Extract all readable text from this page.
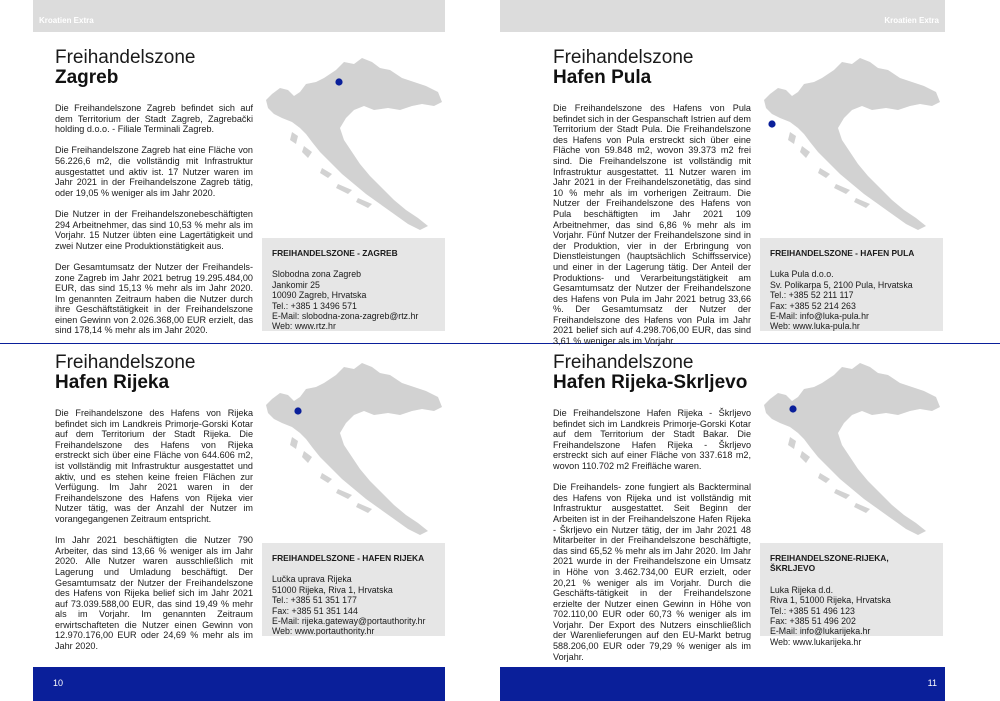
Kroatien Extra	Kroatien Extra
Freihandelszone
Zagreb

Die Freihandelszone Zagreb befindet sich auf dem Territorium der Stadt Zagreb, Zagrebački holding d.o.o. - Filiale Terminali Zagreb.

Die Freihandelszone Zagreb hat eine Fläche von 56.226,6 m2, die vollständig mit Infrastruktur ausgestattet und aktiv ist. 17 Nutzer waren im Jahr 2021 in der Freihandelszone Zagreb tätig, oder 19,05 % weniger als im Jahr 2020.

Die Nutzer in der Freihandelszonebeschäftigten 294 Arbeitnehmer, das sind 10,53 % mehr als im Vorjahr. 15 Nutzer übten eine Lagertätigkeit und zwei Nutzer eine Produktionstätigkeit aus.

Der Gesamtumsatz der Nutzer der Freihandels-zone Zagreb im Jahr 2021 betrug 19.295.484,00 EUR, das sind 15,13 % mehr als im Jahr 2020. Im genannten Zeitraum haben die Nutzer durch ihre Geschäftstätigkeit in der Freihandelszone einen Gewinn von 2.026.368,00 EUR erzielt, das sind 178,14 % mehr als im Jahr 2020.

FREIHANDELSZONE - ZAGREB
Slobodna zona Zagreb
Jankomir 25
10090 Zagreb, Hrvatska
Tel.: +385 1 3496 571
E-Mail: slobodna-zona-zagreb@rtz.hr
Web: www.rtz.hr
Freihandelszone
Hafen Pula

Die Freihandelszone des Hafens von Pula befindet sich in der Gespanschaft Istrien auf dem Territorium der Stadt Pula. Die Freihandelszone des Hafens von Pula erstreckt sich über eine Fläche von 59.848 m2, wovon 39.373 m2 frei sind. Die Freihandelszone ist vollständig mit Infrastruktur ausgestattet. 11 Nutzer waren im Jahr 2021 in der Freihandelszonetätig, das sind 10 % mehr als im vorherigen Zeitraum. Die Nutzer der Freihandelszone des Hafens von Pula beschäftigten im Jahr 2021 109 Arbeitnehmer, das sind 6,86 % mehr als im Vorjahr. Fünf Nutzer der Freihandelszone sind in der Produktion, vier in der Erbringung von Dienstleistungen (hauptsächlich Schiffsservice) und einer in der Lagerung tätig. Der Anteil der Produktions- und Verarbeitungstätigkeit am Gesamtumsatz der Nutzer der Freihandelszone des Hafens von Pula im Jahr 2021 betrug 33,66 %. Der Gesamtumsatz der Nutzer der Freihandelszone des Hafens von Pula im Jahr 2021 belief sich auf 4.298.706,00 EUR, das sind 3,61 % weniger als im Vorjahr.

FREIHANDELSZONE - HAFEN PULA
Luka Pula d.o.o.
Sv. Polikarpa 5, 2100 Pula, Hrvatska
Tel.: +385 52 211 117
Fax: +385 52 214 263
E-Mail: info@luka-pula.hr
Web: www.luka-pula.hr
Freihandelszone
Hafen Rijeka

Die Freihandelszone des Hafens von Rijeka befindet sich im Landkreis Primorje-Gorski Kotar auf dem Territorium der Stadt Rijeka. Die Freihandelszone des Hafens von Rijeka erstreckt sich über eine Fläche von 644.606 m2, ist vollständig mit Infrastruktur ausgestattet und aktiv, und es stehen keine freien Flächen zur Verfügung. Im Jahr 2021 waren in der Freihandelszone des Hafens von Rijeka vier Nutzer tätig, was der Anzahl der Nutzer im vorangegangenen Zeitraum entspricht.

Im Jahr 2021 beschäftigten die Nutzer 790 Arbeiter, das sind 13,66 % weniger als im Jahr 2020. Alle Nutzer waren ausschließlich mit Lagerung und Umladung beschäftigt. Der Gesamtumsatz der Nutzer der Freihandelszone des Hafens von Rijeka belief sich im Jahr 2021 auf 73.039.588,00 EUR, das sind 19,49 % mehr als im Vorjahr. Im genannten Zeitraum erwirtschafteten die Nutzer einen Gewinn von 12.970.176,00 EUR oder 24,69 % mehr als im Jahr 2020.

FREIHANDELSZONE - HAFEN RIJEKA
Lučka uprava Rijeka
51000 Rijeka, Riva 1, Hrvatska
Tel.: +385 51 351 177
Fax: +385 51 351 144
E-Mail: rijeka.gateway@portauthority.hr
Web: www.portauthority.hr
Freihandelszone
Hafen Rijeka-Skrljevo

Die Freihandelszone Hafen Rijeka - Škrljevo befindet sich im Landkreis Primorje-Gorski Kotar auf dem Territorium der Stadt Bakar. Die Freihandelszone Hafen Rijeka - Škrljevo erstreckt sich auf einer Fläche von 337.618 m2, wovon 110.702 m2 Freifläche waren.

Die Freihandels- zone fungiert als Backterminal des Hafens von Rijeka und ist vollständig mit Infrastruktur ausgestattet. Seit Beginn der Arbeiten ist in der Freihandelszone Hafen Rijeka - Škrljevo ein Nutzer tätig, der im Jahr 2021 48 Mitarbeiter in der Freihandelszone beschäftigte, das sind 65,52 % mehr als im Jahr 2020. Im Jahr 2021 wurde in der Freihandelszone ein Umsatz in Höhe von 3.462.734,00 EUR erzielt, oder 20,21 % weniger als im Vorjahr. Durch die Geschäfts-tätigkeit in der Freihandelszone erzielte der Nutzer einen Gewinn in Höhe von 702.110,00 EUR oder 60,73 % weniger als im Vorjahr. Der Export des Nutzers einschließlich der Warenlieferungen auf den EU-Markt betrug 588.206,00 EUR oder 79,29 % weniger als im Vorjahr.

FREIHANDELSZONE-RIJEKA, ŠKRLJEVO
Luka Rijeka d.d.
Riva 1, 51000 Rijeka, Hrvatska
Tel.: +385 51 496 123
Fax: +385 51 496 202
E-Mail: info@lukarijeka.hr
Web: www.lukarijeka.hr
10	11
